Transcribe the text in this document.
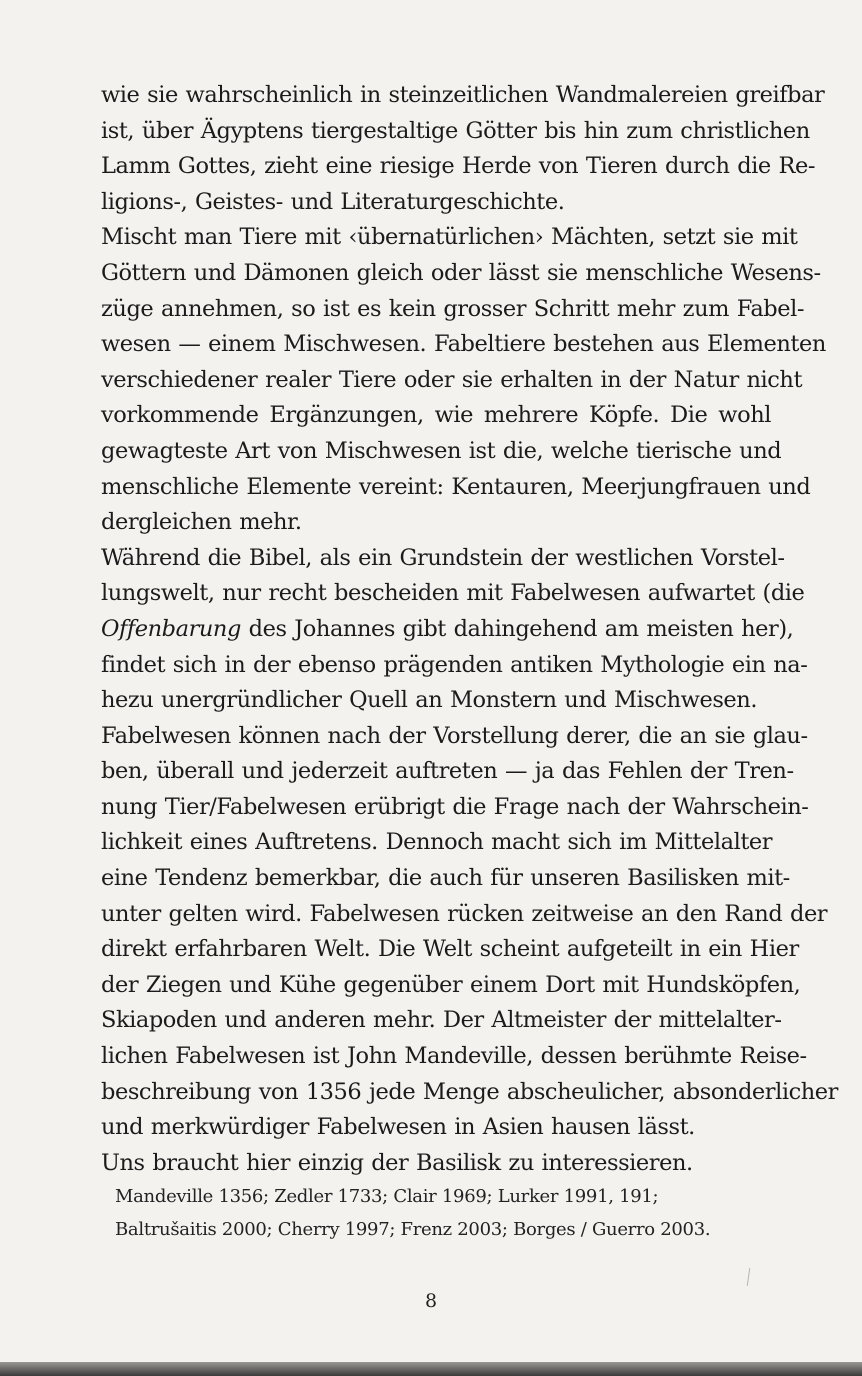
wie sie wahrscheinlich in steinzeitlichen Wandmalereien greifbar
ist, über Ägyptens tiergestaltige Götter bis hin zum christlichen
Lamm Gottes, zieht eine riesige Herde von Tieren durch die Re-
ligions-, Geistes- und Literaturgeschichte.

Mischt man Tiere mit ‹übernatürlichen› Mächten, setzt sie mit
Göttern und Dämonen gleich oder lässt sie menschliche Wesens-
züge annehmen, so ist es kein grosser Schritt mehr zum Fabel-
wesen — einem Mischwesen. Fabeltiere bestehen aus Elementen
verschiedener realer Tiere oder sie erhalten in der Natur nicht
vorkommende Ergänzungen, wie mehrere Köpfe. Die wohl
gewagteste Art von Mischwesen ist die, welche tierische und
menschliche Elemente vereint: Kentauren, Meerjungfrauen und
dergleichen mehr.

Während die Bibel, als ein Grundstein der westlichen Vorstel-
lungswelt, nur recht bescheiden mit Fabelwesen aufwartet (die
Offenbarung des Johannes gibt dahingehend am meisten her),
findet sich in der ebenso prägenden antiken Mythologie ein na-
hezu unergründlicher Quell an Monstern und Mischwesen.

Fabelwesen können nach der Vorstellung derer, die an sie glau-
ben, überall und jederzeit auftreten — ja das Fehlen der Tren-
nung Tier/Fabelwesen erübrigt die Frage nach der Wahrschein-
lichkeit eines Auftretens. Dennoch macht sich im Mittelalter
eine Tendenz bemerkbar, die auch für unseren Basilisken mit-
unter gelten wird. Fabelwesen rücken zeitweise an den Rand der
direkt erfahrbaren Welt. Die Welt scheint aufgeteilt in ein Hier
der Ziegen und Kühe gegenüber einem Dort mit Hundsköpfen,
Skiapoden und anderen mehr. Der Altmeister der mittelalter-
lichen Fabelwesen ist John Mandeville, dessen berühmte Reise-
beschreibung von 1356 jede Menge abscheulicher, absonderlicher
und merkwürdiger Fabelwesen in Asien hausen lässt.

Uns braucht hier einzig der Basilisk zu interessieren.

Mandeville 1356; Zedler 1733; Clair 1969; Lurker 1991, 191;
Baltrušaitis 2000; Cherry 1997; Frenz 2003; Borges / Guerro 2003.
8
